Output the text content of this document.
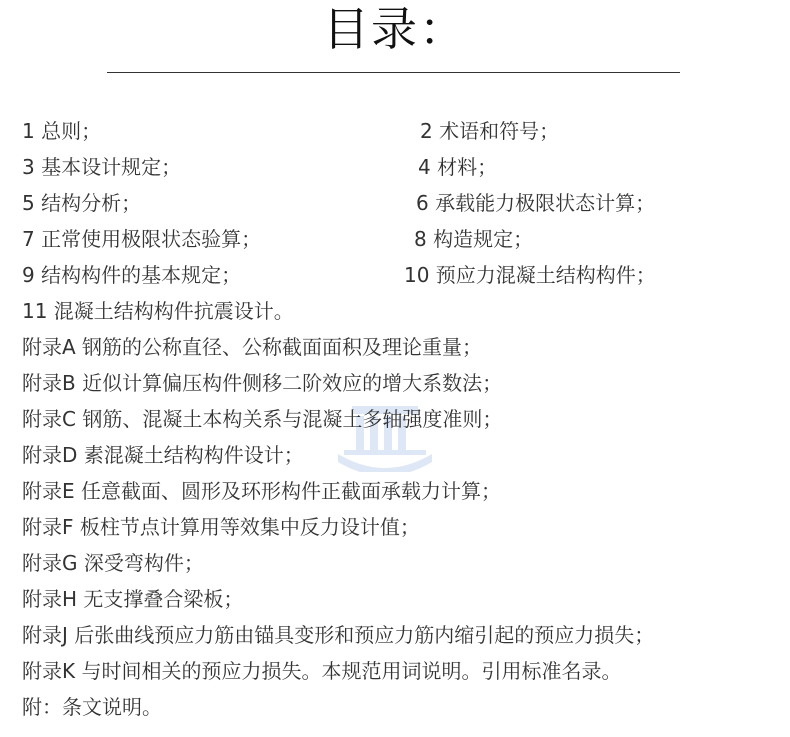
目录：
1 总则；	2 术语和符号；
3 基本设计规定；	4 材料；
5 结构分析；	6 承载能力极限状态计算；
7 正常使用极限状态验算；	8 构造规定；
9 结构构件的基本规定；	10 预应力混凝土结构构件；
11 混凝土结构构件抗震设计。
附录A 钢筋的公称直径、公称截面面积及理论重量；
附录B 近似计算偏压构件侧移二阶效应的增大系数法；
附录C 钢筋、混凝土本构关系与混凝土多轴强度准则；
附录D 素混凝土结构构件设计；
附录E 任意截面、圆形及环形构件正截面承载力计算；
附录F 板柱节点计算用等效集中反力设计值；
附录G 深受弯构件；
附录H 无支撑叠合梁板；
附录J 后张曲线预应力筋由锚具变形和预应力筋内缩引起的预应力损失；
附录K 与时间相关的预应力损失。本规范用词说明。引用标准名录。
附：条文说明。
